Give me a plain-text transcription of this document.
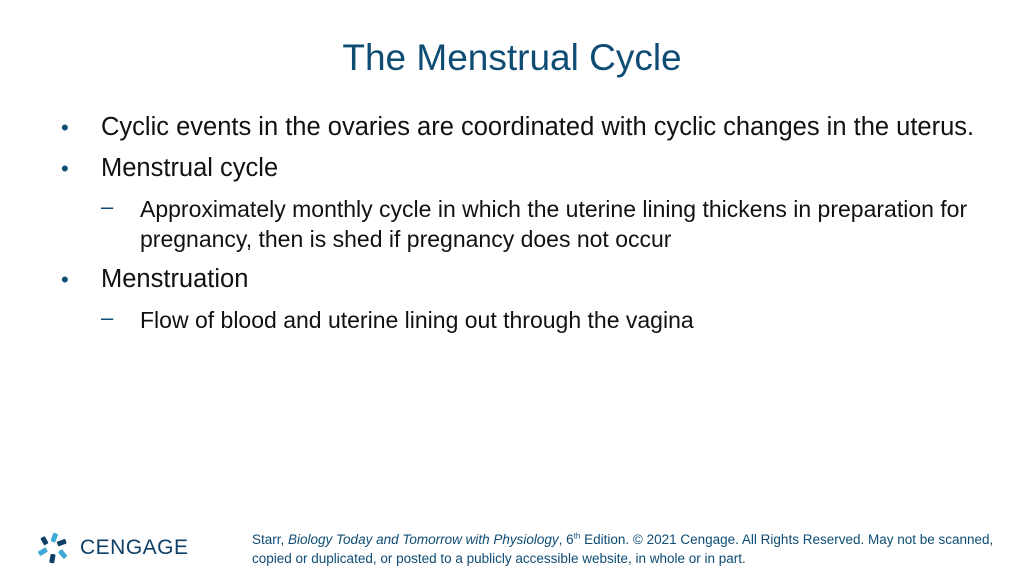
The Menstrual Cycle
• Cyclic events in the ovaries are coordinated with cyclic changes in the uterus.
• Menstrual cycle
– Approximately monthly cycle in which the uterine lining thickens in preparation for pregnancy, then is shed if pregnancy does not occur
• Menstruation
– Flow of blood and uterine lining out through the vagina
CENGAGE	Starr, Biology Today and Tomorrow with Physiology, 6th Edition. © 2021 Cengage. All Rights Reserved. May not be scanned, copied or duplicated, or posted to a publicly accessible website, in whole or in part.
